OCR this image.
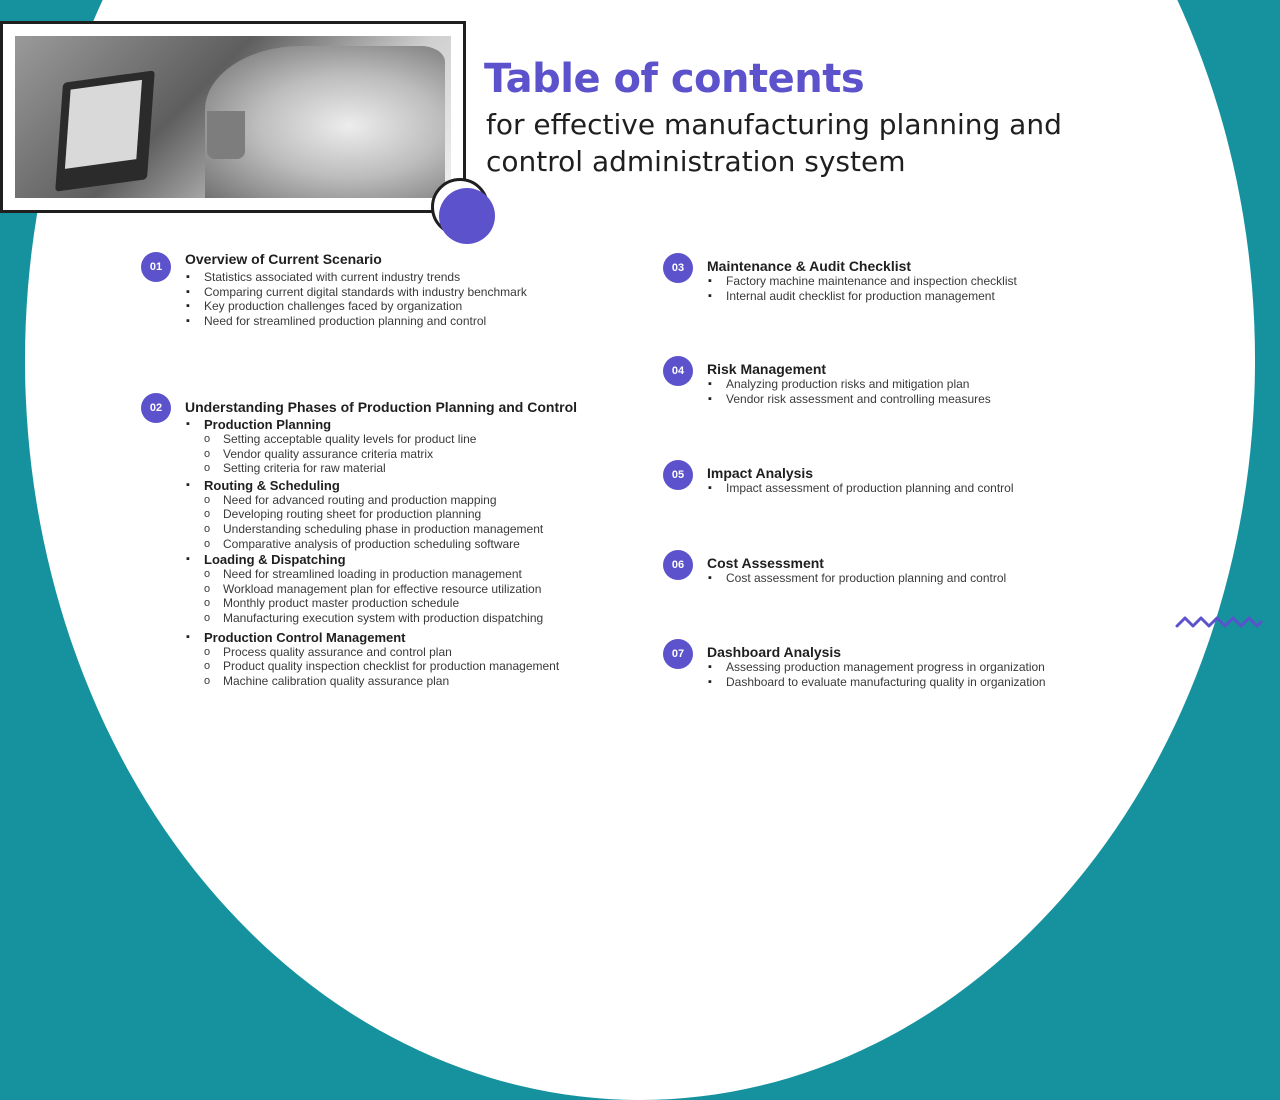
Table of contents
for effective manufacturing planning and control administration system
01	Overview of Current Scenario
▪ Statistics associated with current industry trends
▪ Comparing current digital standards with industry benchmark
▪ Key production challenges faced by organization
▪ Need for streamlined production planning and control
02	Understanding Phases of Production Planning and Control
▪ Production Planning
o Setting acceptable quality levels for product line
o Vendor quality assurance criteria matrix
o Setting criteria for raw material
▪ Routing & Scheduling
o Need for advanced routing and production mapping
o Developing routing sheet for production planning
o Understanding scheduling phase in production management
o Comparative analysis of production scheduling software
▪ Loading & Dispatching
o Need for streamlined loading in production management
o Workload management plan for effective resource utilization
o Monthly product master production schedule
o Manufacturing execution system with production dispatching
▪ Production Control Management
o Process quality assurance and control plan
o Product quality inspection checklist for production management
o Machine calibration quality assurance plan
03	Maintenance & Audit Checklist
▪ Factory machine maintenance and inspection checklist
▪ Internal audit checklist for production management
04	Risk Management
▪ Analyzing production risks and mitigation plan
▪ Vendor risk assessment and controlling measures
05	Impact Analysis
▪ Impact assessment of production planning and control
06	Cost Assessment
▪ Cost assessment for production planning and control
07	Dashboard Analysis
▪ Assessing production management progress in organization
▪ Dashboard to evaluate manufacturing quality in organization
